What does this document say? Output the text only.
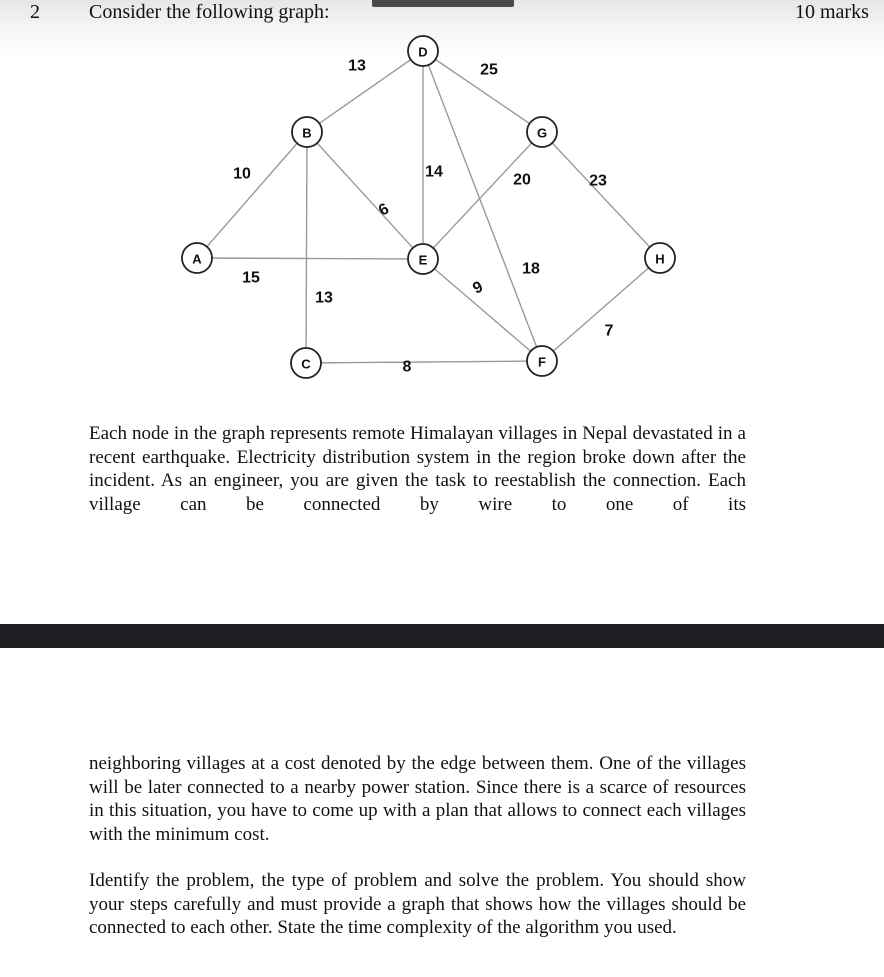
2 Consider the following graph:	10 marks
10
15
13
6
13
14
25
18
20
9
8
23
7
A
B
C
D
E
F
G
H

Each node in the graph represents remote Himalayan villages in Nepal devastated in a recent earthquake. Electricity distribution system in the region broke down after the incident. As an engineer, you are given the task to reestablish the connection. Each village can be connected by wire to one of its

neighboring villages at a cost denoted by the edge between them. One of the villages will be later connected to a nearby power station. Since there is a scarce of resources in this situation, you have to come up with a plan that allows to connect each villages with the minimum cost.

Identify the problem, the type of problem and solve the problem. You should show your steps carefully and must provide a graph that shows how the villages should be connected to each other. State the time complexity of the algorithm you used.
